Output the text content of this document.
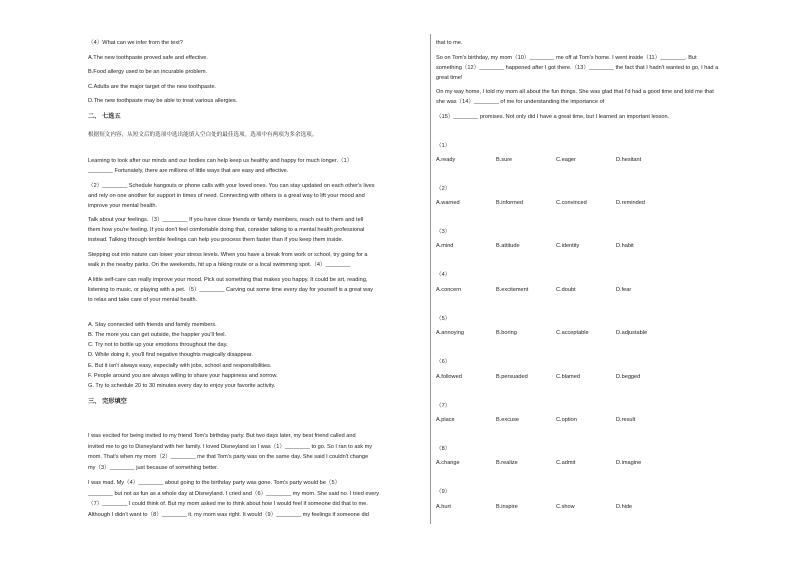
（4）What can we infer from the text?
A.The new toothpaste proved safe and effective.
B.Food allergy used to be an incurable problem.
C.Adults are the major target of the new toothpaste.
D.The new toothpaste may be able to treat various allergies.
二、 七选五
根据短文内容，从短文后的选项中选出能填入空白处的最佳选项。选项中有两项为多余选项。
Learning to look after our minds and our bodies can help keep us healthy and happy for much longer.（1）
________ Fortunately, there are millions of little ways that are easy and effective.
（2）________ Schedule hangouts or phone calls with your loved ones. You can stay updated on each other's lives
and rely on one another for support in times of need. Connecting with others is a great way to lift your mood and
improve your mental health.
Talk about your feelings.（3）________ If you have close friends or family members, reach out to them and tell
them how you're feeling. If you don't feel comfortable doing that, consider talking to a mental health professional
instead. Talking through terrible feelings can help you process them faster than if you keep them inside.
Stepping out into nature can lower your stress levels. When you have a break from work or school, try going for a
walk in the nearby parks. On the weekends, hit up a hiking route or a local swimming spot.（4）________
A little self-care can really improve your mood. Pick out something that makes you happy. It could be art, reading,
listening to music, or playing with a pet.（5）________ Carving out some time every day for yourself is a great way
to relax and take care of your mental health.
A. Stay connected with friends and family members.
B. The more you can get outside, the happier you'll feel.
C. Try not to bottle up your emotions throughout the day.
D. While doing it, you'll find negative thoughts magically disappear.
E. But it isn't always easy, especially with jobs, school and responsibilities.
F. People around you are always willing to share your happiness and sorrow.
G. Try to schedule 20 to 30 minutes every day to enjoy your favorite activity.
三、 完形填空
I was excited for being invited to my friend Tom's birthday party. But two days later, my best friend called and
invited me to go to Disneyland with her family. I loved Disneyland so I was（1）________ to go. So I ran to ask my
mom. That's when my mom（2）________ me that Tom's party was on the same day. She said I couldn't change
my（3）________ just because of something better.
I was mad. My（4）________ about going to the birthday party was gone. Tom's party would be（5）
________ but not as fun as a whole day at Disneyland. I cried and（6）________ my mom. She said no. I tried every
（7）________ I could think of. But my mom asked me to think about how I would feel if someone did that to me.
Although I didn't want to（8）________ it, my mom was right. It would（9）________ my feelings if someone did
that to me.
So on Tom's birthday, my mom（10）________ me off at Tom's home. I went inside（11）________. But
something（12）________ happened after I got there.（13）________ the fact that I hadn't wanted to go, I had a
great time!
On my way home, I told my mom all about the fun things. She was glad that I'd had a good time and told me that
she was（14）________ of me for understanding the importance of
（15）________ promises. Not only did I have a great time, but I learned an important lesson.
（1）
A.ready	B.sure	C.eager	D.hesitant
（2）
A.warned	B.informed	C.convinced	D.reminded
（3）
A.mind	B.attitude	C.identity	D.habit
（4）
A.concern	B.excitement	C.doubt	D.fear
（5）
A.annoying	B.boring	C.acceptable	D.adjustable
（6）
A.followed	B.persuaded	C.blamed	D.begged
（7）
A.place	B.excuse	C.option	D.result
（8）
A.change	B.realize	C.admit	D.imagine
（9）
A.hurt	B.inspire	C.show	D.hide
